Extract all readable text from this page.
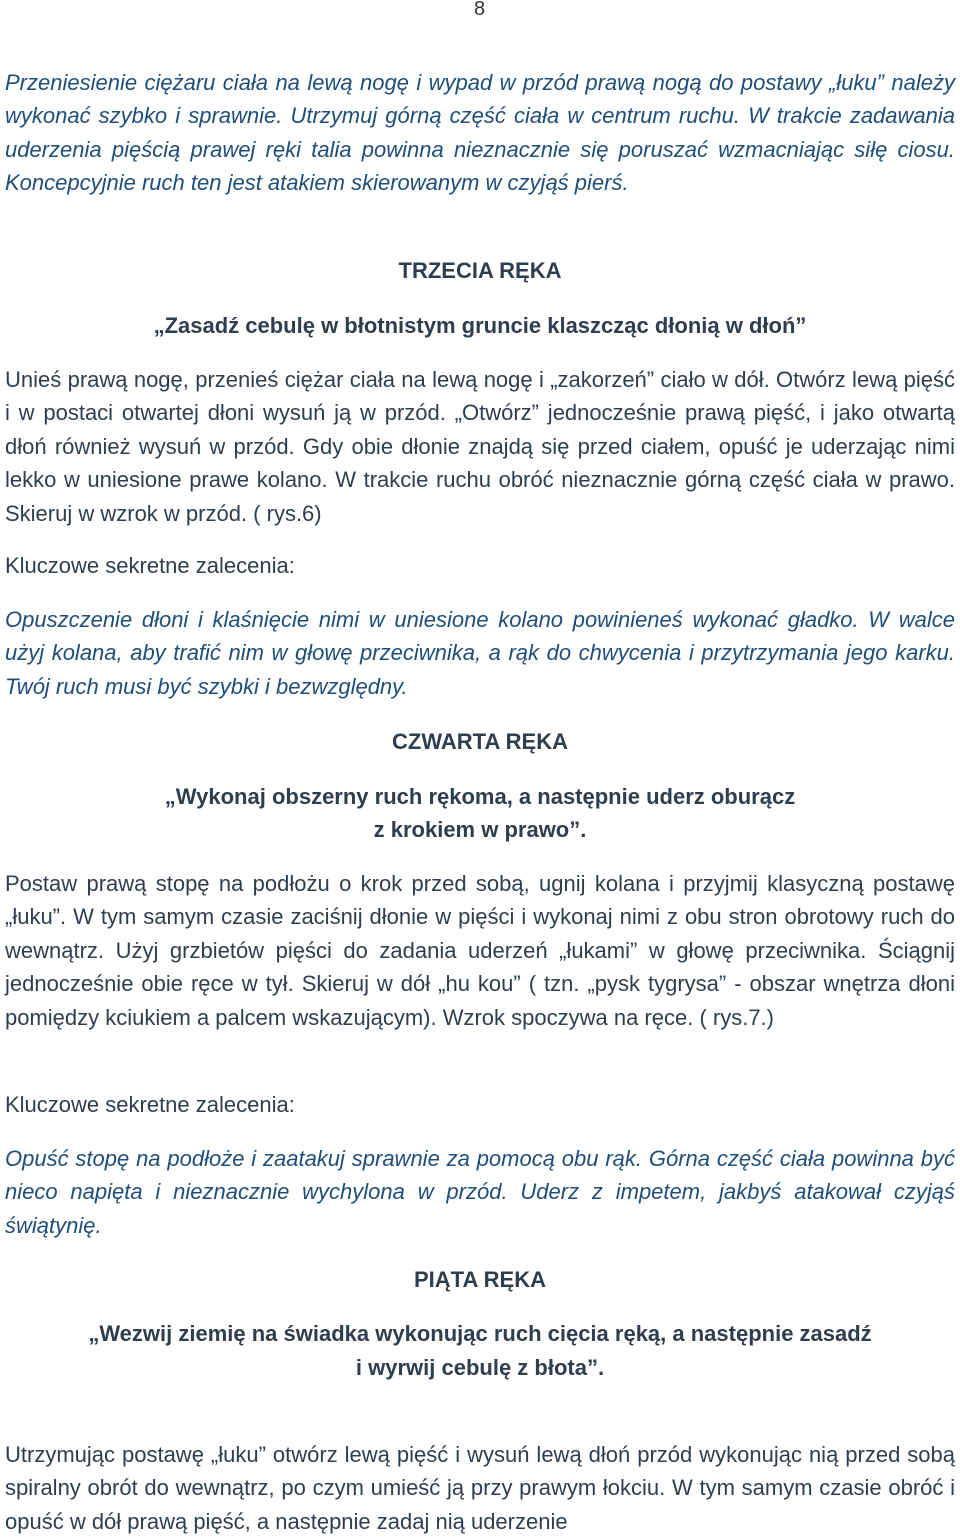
8

Przeniesienie ciężaru ciała na lewą nogę i wypad w przód prawą nogą do postawy „łuku” należy wykonać szybko i sprawnie. Utrzymuj górną część ciała w centrum ruchu. W trakcie zadawania uderzenia pięścią prawej ręki talia powinna nieznacznie się poruszać wzmacniając siłę ciosu. Koncepcyjnie ruch ten jest atakiem skierowanym w czyjąś pierś.

TRZECIA RĘKA
„Zasadź cebulę w błotnistym gruncie klaszcząc dłonią w dłoń”

Unieś prawą nogę, przenieś ciężar ciała na lewą nogę i „zakorzeń” ciało w dół. Otwórz lewą pięść i w postaci otwartej dłoni wysuń ją w przód. „Otwórz” jednocześnie prawą pięść, i jako otwartą dłoń również wysuń w przód. Gdy obie dłonie znajdą się przed ciałem, opuść je uderzając nimi lekko w uniesione prawe kolano. W trakcie ruchu obróć nieznacznie górną część ciała w prawo. Skieruj w wzrok w przód. ( rys.6)

Kluczowe sekretne zalecenia:

Opuszczenie dłoni i klaśnięcie nimi w uniesione kolano powinieneś wykonać gładko. W walce użyj kolana, aby trafić nim w głowę przeciwnika, a rąk do chwycenia i przytrzymania jego karku. Twój ruch musi być szybki i bezwzględny.

CZWARTA RĘKA
„Wykonaj obszerny ruch rękoma, a następnie uderz oburącz
z krokiem w prawo”.

Postaw prawą stopę na podłożu o krok przed sobą, ugnij kolana i przyjmij klasyczną postawę „łuku”. W tym samym czasie zaciśnij dłonie w pięści i wykonaj nimi z obu stron obrotowy ruch do wewnątrz. Użyj grzbietów pięści do zadania uderzeń „łukami” w głowę przeciwnika. Ściągnij jednocześnie obie ręce w tył. Skieruj w dół „hu kou” ( tzn. „pysk tygrysa” - obszar wnętrza dłoni pomiędzy kciukiem a palcem wskazującym). Wzrok spoczywa na ręce. ( rys.7.)

Kluczowe sekretne zalecenia:

Opuść stopę na podłoże i zaatakuj sprawnie za pomocą obu rąk. Górna część ciała powinna być nieco napięta i nieznacznie wychylona w przód. Uderz z impetem, jakbyś atakował czyjąś świątynię.

PIĄTA RĘKA
„Wezwij ziemię na świadka wykonując ruch cięcia ręką, a następnie zasadź
i wyrwij cebulę z błota”.

Utrzymując postawę „łuku” otwórz lewą pięść i wysuń lewą dłoń przód wykonując nią przed sobą spiralny obrót do wewnątrz, po czym umieść ją przy prawym łokciu. W tym samym czasie obróć i opuść w dół prawą pięść, a następnie zadaj nią uderzenie
